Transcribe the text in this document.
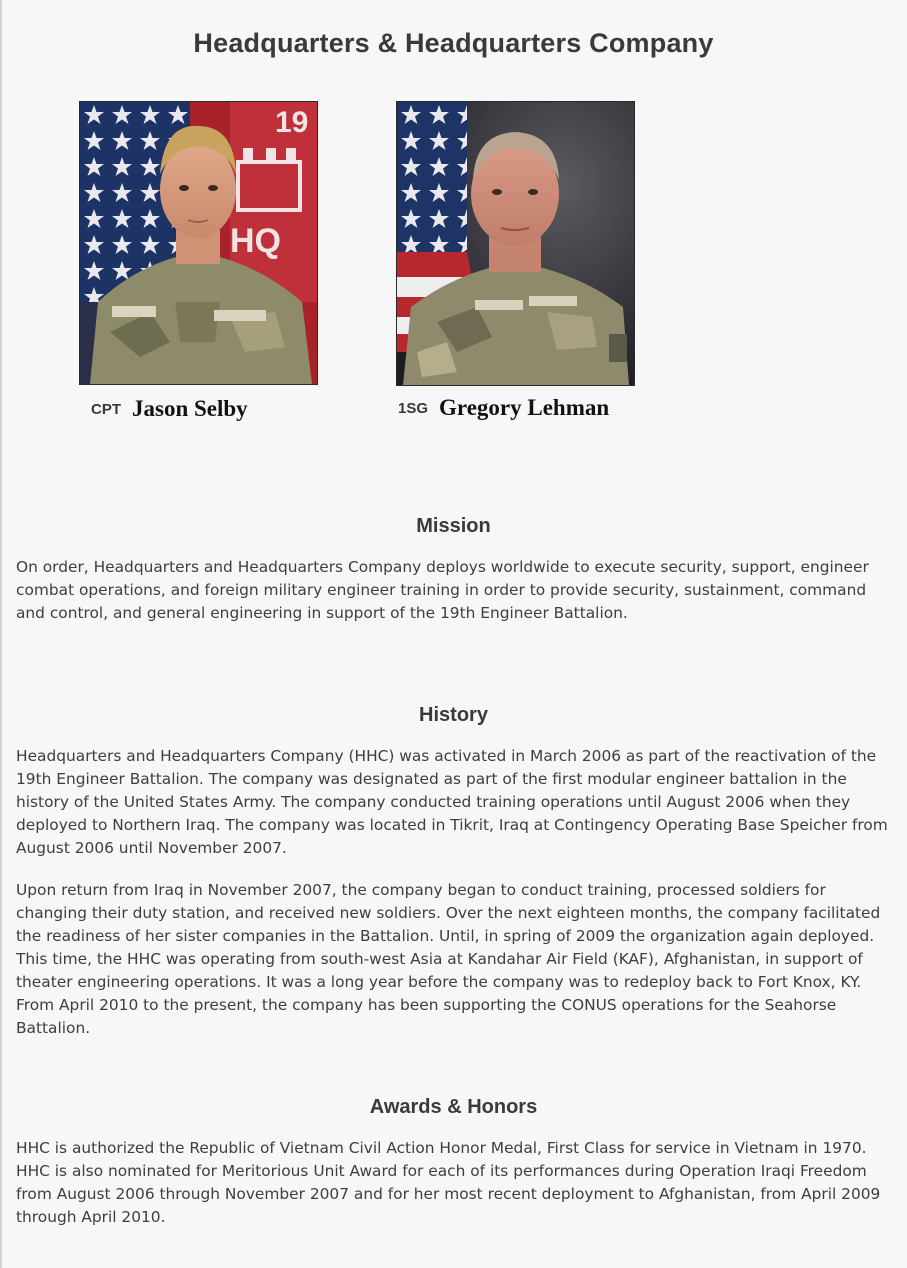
Headquarters & Headquarters Company
19
HQ
CPT Jason Selby	1SG Gregory Lehman
Mission

On order, Headquarters and Headquarters Company deploys worldwide to execute security, support, engineer combat operations, and foreign military engineer training in order to provide security, sustainment, command and control, and general engineering in support of the 19th Engineer Battalion.

History

Headquarters and Headquarters Company (HHC) was activated in March 2006 as part of the reactivation of the 19th Engineer Battalion. The company was designated as part of the first modular engineer battalion in the history of the United States Army. The company conducted training operations until August 2006 when they deployed to Northern Iraq. The company was located in Tikrit, Iraq at Contingency Operating Base Speicher from August 2006 until November 2007.

Upon return from Iraq in November 2007, the company began to conduct training, processed soldiers for changing their duty station, and received new soldiers. Over the next eighteen months, the company facilitated the readiness of her sister companies in the Battalion. Until, in spring of 2009 the organization again deployed. This time, the HHC was operating from south-west Asia at Kandahar Air Field (KAF), Afghanistan, in support of theater engineering operations. It was a long year before the company was to redeploy back to Fort Knox, KY. From April 2010 to the present, the company has been supporting the CONUS operations for the Seahorse Battalion.

Awards & Honors

HHC is authorized the Republic of Vietnam Civil Action Honor Medal, First Class for service in Vietnam in 1970. HHC is also nominated for Meritorious Unit Award for each of its performances during Operation Iraqi Freedom from August 2006 through November 2007 and for her most recent deployment to Afghanistan, from April 2009 through April 2010.
